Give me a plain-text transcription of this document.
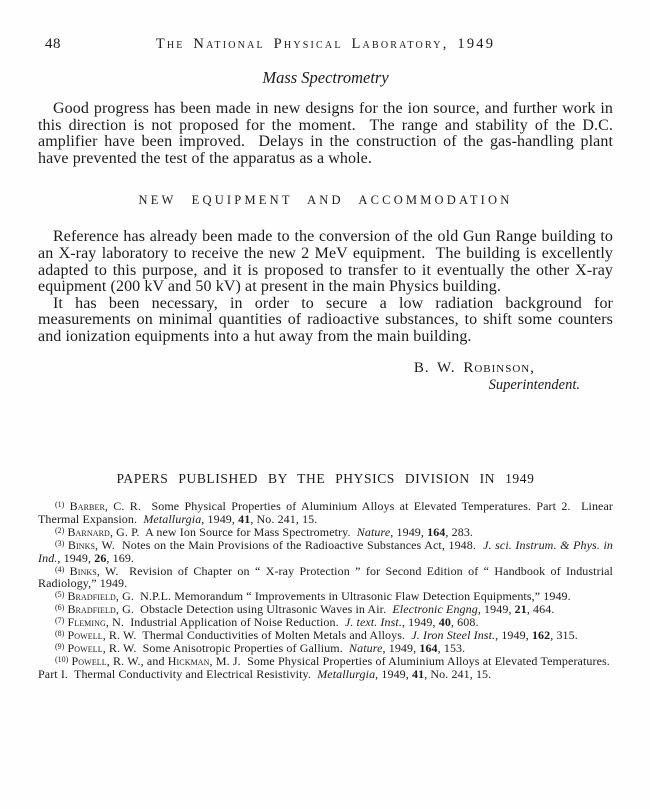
48	The National Physical Laboratory, 1949
Mass Spectrometry

Good progress has been made in new designs for the ion source, and further work in this direction is not proposed for the moment.  The range and stability of the D.C. amplifier have been improved.  Delays in the construction of the gas-handling plant have prevented the test of the apparatus as a whole.

NEW EQUIPMENT AND ACCOMMODATION

Reference has already been made to the conversion of the old Gun Range building to an X-ray laboratory to receive the new 2 MeV equipment.  The building is excellently adapted to this purpose, and it is proposed to transfer to it eventually the other X-ray equipment (200 kV and 50 kV) at present in the main Physics building.

It has been necessary, in order to secure a low radiation background for measurements on minimal quantities of radioactive substances, to shift some counters and ionization equipments into a hut away from the main building.

B. W. Robinson,
Superintendent.
PAPERS PUBLISHED BY THE PHYSICS DIVISION IN 1949

$^{(1)}$ Barber, C. R.  Some Physical Properties of Aluminium Alloys at Elevated Temperatures. Part 2.  Linear Thermal Expansion.  Metallurgia, 1949, 41, No. 241, 15.

$^{(2)}$ Barnard, G. P.  A new Ion Source for Mass Spectrometry.  Nature, 1949, 164, 283.

$^{(3)}$ Binks, W.  Notes on the Main Provisions of the Radioactive Substances Act, 1948.  J. sci. Instrum. & Phys. in Ind., 1949, 26, 169.

$^{(4)}$ Binks, W.  Revision of Chapter on “ X-ray Protection ” for Second Edition of “ Handbook of Industrial Radiology,” 1949.

$^{(5)}$ Bradfield, G.  N.P.L. Memorandum “ Improvements in Ultrasonic Flaw Detection Equipments,” 1949.

$^{(6)}$ Bradfield, G.  Obstacle Detection using Ultrasonic Waves in Air.  Electronic Engng, 1949, 21, 464.

$^{(7)}$ Fleming, N.  Industrial Application of Noise Reduction.  J. text. Inst., 1949, 40, 608.

$^{(8)}$ Powell, R. W.  Thermal Conductivities of Molten Metals and Alloys.  J. Iron Steel Inst., 1949, 162, 315.

$^{(9)}$ Powell, R. W.  Some Anisotropic Properties of Gallium.  Nature, 1949, 164, 153.

$^{(10)}$ Powell, R. W., and Hickman, M. J.  Some Physical Properties of Aluminium Alloys at Elevated Temperatures.  Part I.  Thermal Conductivity and Electrical Resistivity.  Metallurgia, 1949, 41, No. 241, 15.
